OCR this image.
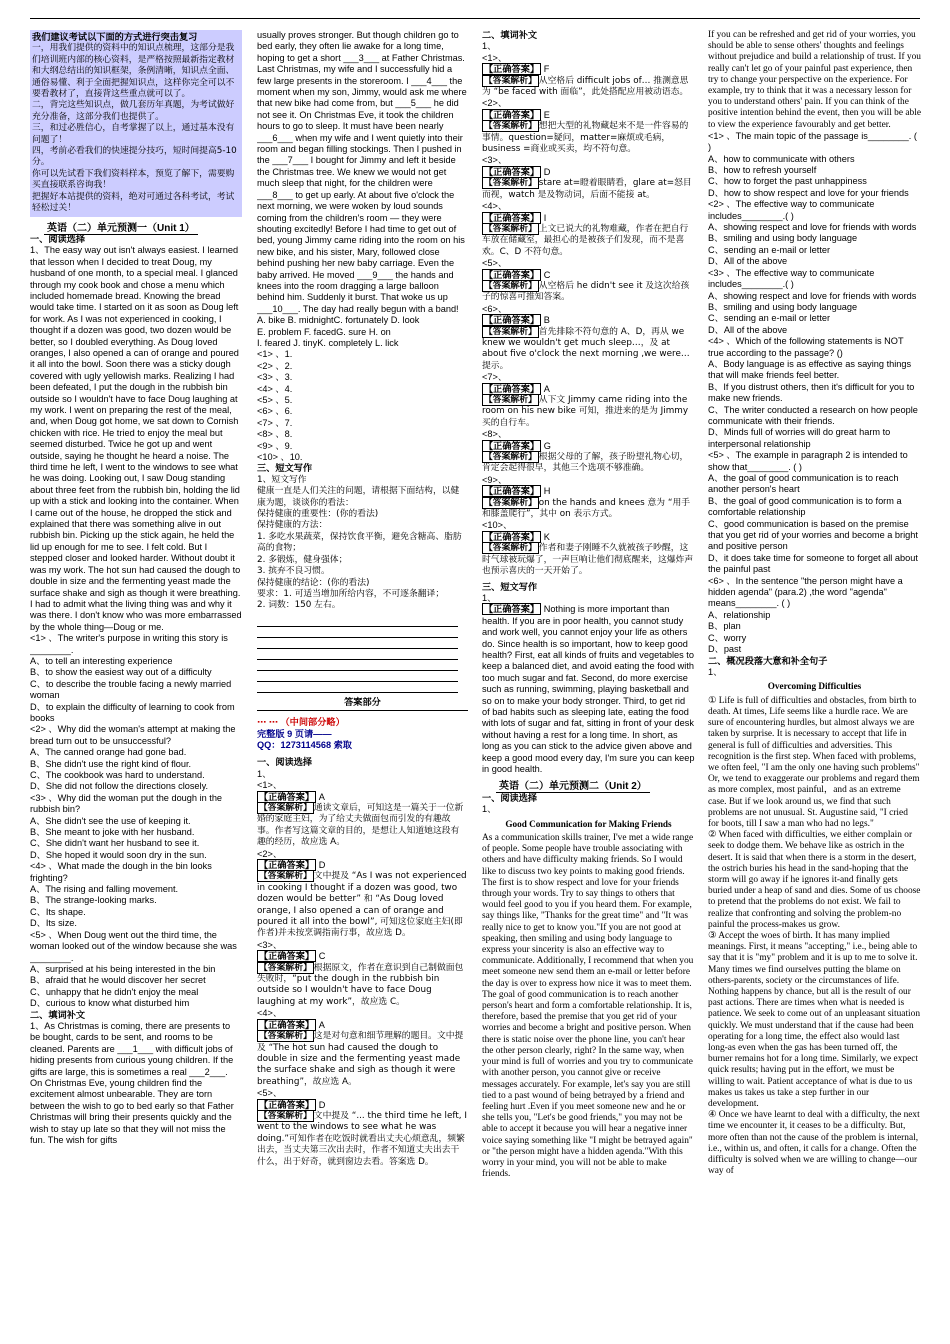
我们建议考试以下面的方式进行突击复习

一，用我们提供的资料中的知识点梳理，这部分是我们培训班内部的核心资料，是严格按照最新指定教材和大纲总结出的知识框架，条例清晰，知识点全面、通俗易懂、利于全面把握知识点，这样你完全可以不要看教材了，直接背这些重点就可以了。

二，背完这些知识点，做几套历年真题，为考试做好充分准备，这部分我们也提供了。

三，和过必胜信心，自考掌握了以上，通过基本没有问题了！

四，考前必看我们的快速提分技巧，短时间提高5-10分。

你可以先试看下我们资料样本，预览了解下，需要购买直接联系咨询我！

把握好本站提供的资料，绝对可通过各科考试，考试轻松过关！

英语（二）单元预测一（Unit 1）
一、阅读选择

1、The easy way out isn't always easiest. I learned that lesson when I decided to treat Doug, my husband of one month, to a special meal. I glanced through my cook book and chose a menu which included homemade bread. Knowing the bread would take time. I started on it as soon as Doug left for work. As I was not experienced in cooking, I thought if a dozen was good, two dozen would be better, so I doubled everything. As Doug loved oranges, I also opened a can of orange and poured it all into the bowl. Soon there was a sticky dough covered with ugly yellowish marks. Realizing I had been defeated, I put the dough in the rubbish bin outside so I wouldn't have to face Doug laughing at my work. I went on preparing the rest of the meal, and, when Doug got home, we sat down to Cornish chicken with rice. He tried to enjoy the meal but seemed disturbed. Twice he got up and went outside, saying he thought he heard a noise. The third time he left, I went to the windows to see what he was doing. Looking out, I saw Doug standing about three feet from the rubbish bin, holding the lid up with a stick and looking into the container. When I came out of the house, he dropped the stick and explained that there was something alive in out rubbish bin. Picking up the stick again, he held the lid up enough for me to see. I felt cold. But I stepped closer and looked harder. Without doubt it was my work. The hot sun had caused the dough to double in size and the fermenting yeast made the surface shake and sigh as though it were breathing. I had to admit what the living thing was and why it was there. I don't know who was more embarrassed by the whole thing—Doug or me.

<1> 、The writer's purpose in writing this story is ________.

A、to tell an interesting experience

B、to show the easiest way out of a difficulty

C、to describe the trouble facing a newly married woman

D、to explain the difficulty of learning to cook from books

<2> 、Why did the woman's attempt at making the bread turn out to be unsuccessful?

A、The canned orange had gone bad.

B、She didn't use the right kind of flour.

C、The cookbook was hard to understand.

D、She did not follow the directions closely.

<3> 、Why did the woman put the dough in the rubbish bin?

A、She didn't see the use of keeping it.

B、She meant to joke with her husband.

C、She didn't want her husband to see it.

D、She hoped it would soon dry in the sun.

<4> 、What made the dough in the bin looks frighting?

A、The rising and falling movement.

B、The strange-looking marks.

C、Its shape.

D、Its size.

<5> 、When Doug went out the third time, the woman looked out of the window because she was ________.

A、surprised at his being interested in the bin

B、afraid that he would discover her secret

C、unhappy that he didn't enjoy the meal

D、curious to know what disturbed him

二、填词补文

1、As Christmas is coming, there are presents to be bought, cards to be sent, and rooms to be cleaned. Parents are ___1___ with difficult jobs of hiding presents from curious young children. If the gifts are large, this is sometimes a real ___2___. On Christmas Eve, young children find the excitement almost unbearable. They are torn between the wish to go to bed early so that Father Christmas will bring their presents quickly and the wish to stay up late so that they will not miss the fun. The wish for gifts

usually proves stronger. But though children go to bed early, they often lie awake for a long time, hoping to get a short ___3___ at Father Christmas. Last Christmas, my wife and I successfully hid a few large presents in the storeroom. I ___4___ the moment when my son, Jimmy, would ask me where that new bike had come from, but ___5___ he did not see it. On Christmas Eve, it took the children hours to go to sleep. It must have been nearly ___6___ when my wife and I went quietly into their room and began filling stockings. Then I pushed in the ___7___ I bought for Jimmy and left it beside the Christmas tree. We knew we would not get much sleep that night, for the children were ___8___ to get up early. At about five o'clock the next morning, we were woken by loud sounds coming from the children's room — they were shouting excitedly! Before I had time to get out of bed, young Jimmy came riding into the room on his new bike, and his sister, Mary, followed close behind pushing her new baby carriage. Even the baby arrived. He moved ___9___ the hands and knees into the room dragging a large balloon behind him. Suddenly it burst. That woke us up ___10___. The day had really begun with a band!

A. bike B. midnightC. fortunately D. look

E. problem F. facedG. sure H. on

I. feared J. tinyK. completely L. lick

<1> 、1.

<2> 、2.

<3> 、3.

<4> 、4.

<5> 、5.

<6> 、6.

<7> 、7.

<8> 、8.

<9> 、9.

<10> 、10.

三、短文写作

1、短文写作

健康一直是人们关注的问题，请根据下面结构，以健康为题，谈谈你的看法：

保持健康的重要性：(你的看法)

保持健康的方法：

1. 多吃水果蔬菜，保持饮食平衡，避免含糖高、脂肪高的食物；

2. 多锻炼，健身强体；

3. 摈弃不良习惯。

保持健康的结论：(你的看法)

要求：1. 可适当增加所给内容，不可逐条翻译；

2. 词数：150 左右。

答案部分

⋯ ⋯ （中间部分略）

完整版 9 页请——

QQ：1273114568 索取

一、阅读选择

1、

<1>、

【正确答案】 A

【答案解析】 通读文章后，可知这是一篇关于一位新婚的家庭主妇，为了给丈夫做面包而引发的有趣故事。作者写这篇文章的目的，是想让人知道她这段有趣的经历，故应选 A。

<2>、

【正确答案】 D

【答案解析】 文中提及 “As I was not experienced in cooking I thought if a dozen was good, two dozen would be better” 和 “As Doug loved orange, I also opened a can of orange and poured it all into the bowl”, 可知这位家庭主妇(即作者)并未按烹调指南行事，故应选 D。

<3>、

【正确答案】 C

【答案解析】 根据原文，作者在意识到自己制做面包失败时，“put the dough in the rubbish bin outside so I wouldn't have to face Doug laughing at my work”，故应选 C。

<4>、

【正确答案】 A

【答案解析】 这是对句意和细节理解的题目。文中提及 “The hot sun had caused the dough to double in size and the fermenting yeast made the surface shake and sigh as though it were breathing”，故应选 A。

<5>、

【正确答案】 D

【答案解析】 文中提及 “... the third time he left, I went to the windows to see what he was doing.”可知作者在吃饭时就看出丈夫心烦意乱，频繁出去，当丈夫第三次出去时，作者不知道丈夫出去干什么，出于好奇，就到窗边去看。答案选 D。

二、填词补文

1、

<1>、

【正确答案】 F

【答案解析】 从空格后 difficult jobs of… 推测意思为 “be faced with 面临”，此处搭配应用被动语态。

<2>、

【正确答案】 E

【答案解析】 想把大型的礼物藏起来不是一件容易的事情。question=疑问，matter=麻烦或毛病，business =商业或买卖，均不符句意。

<3>、

【正确答案】 D

【答案解析】 stare at=瞪着眼睛看，glare at=怒目而视，watch 是及物动词，后面不能接 at。

<4>、

【正确答案】 I

【答案解析】 上文已说大的礼物难藏，作者在把自行车放在储藏室，最担心的是被孩子们发现，而不是喜欢。C、D 不符句意。

<5>、

【正确答案】 C

【答案解析】 从空格后 he didn't see it 及这次给孩子的惊喜可推知答案。

<6>、

【正确答案】 B

【答案解析】 首先排除不符句意的 A、D，再从 we knew we wouldn't get much sleep…，及 at about five o'clock the next morning ,we were… 提示。

<7>、

【正确答案】 A

【答案解析】 从下文 Jimmy came riding into the room on his new bike 可知，推进来的是为 Jimmy 买的自行车。

<8>、

【正确答案】 G

【答案解析】 根据父母的了解，孩子盼望礼物心切，肯定会起得很早，其他三个选项不够准确。

<9>、

【正确答案】 H

【答案解析】 on the hands and knees 意为 “用手和膝盖爬行”，其中 on 表示方式。

<10>、

【正确答案】 K

【答案解析】 作者和妻子刚睡不久就被孩子吵醒，这时气球被玩爆了，一声巨响让他们彻底醒来，这爆炸声也预示喜庆的一天开始了。

三、短文写作

1、

【正确答案】 Nothing is more important than health. If you are in poor health, you cannot study and work well, you cannot enjoy your life as others do. Since health is so important, how to keep good health? First, eat all kinds of fruits and vegetables to keep a balanced diet, and avoid eating the food with too much sugar and fat. Second, do more exercise such as running, swimming, playing basketball and so on to make your body stronger. Third, to get rid of bad habits such as sleeping late, eating the food with lots of sugar and fat, sitting in front of your desk without having a rest for a long time. In short, as long as you can stick to the advice given above and keep a good mood every day, I'm sure you can keep in good health.

英语（二）单元预测二（Unit 2）
一、阅读选择

1、

Good Communication for Making Friends

As a communication skills trainer, I've met a wide range of people. Some people have trouble associating with others and have difficulty making friends. So I would like to discuss two key points to making good friends. The first is to show respect and love for your friends through your words. Try to say things to others that would feel good to you if you heard them. For example, say things like, "Thanks for the great time" and "It was really nice to get to know you."If you are not good at speaking, then smiling and using body language to express your sincerity is also an effective way to communicate. Additionally, I recommend that when you meet someone new send them an e-mail or letter before the day is over to express how nice it was to meet them. The goal of good communication is to reach another person's heart and form a comfortable relationship. It is, therefore, based the premise that you get rid of your worries and become a bright and positive person. When there is static noise over the phone line, you can't hear the other person clearly, right? In the same way, when your mind is full of worries and you try to communicate with another person, you cannot give or receive messages accurately. For example, let's say you are still tied to a past wound of being betrayed by a friend and feeling hurt .Even if you meet someone new and he or she tells you, "Let's be good friends," you may not be able to accept it because you will hear a negative inner voice saying something like "I might be betrayed again" or "the person might have a hidden agenda."With this worry in your mind, you will not be able to make friends.

If you can be refreshed and get rid of your worries, you should be able to sense others' thoughts and feelings without prejudice and build a relationship of trust. If you really can't let go of your painful past experience, then try to change your perspective on the experience. For example, try to think that it was a necessary lesson for you to understand others' pain. If you can think of the positive intention behind the event, then you will be able to view the experience favourably and get better.

<1> 、The main topic of the passage is________. ( )

A、how to communicate with others

B、how to refresh yourself

C、how to forget the past unhappiness

D、how to show respect and love for your friends

<2> 、The effective way to communicate includes________.( )

A、showing respect and love for friends with words

B、smiling and using body language

C、sending an e-mail or letter

D、All of the above

<3> 、The effective way to communicate includes________.( )

A、showing respect and love for friends with words

B、smiling and using body language

C、sending an e-mail or letter

D、All of the above

<4> 、Which of the following statements is NOT true according to the passage? ()

A、Body language is as effective as saying things that will make friends feel better.

B、If you distrust others, then it's difficult for you to make new friends.

C、The writer conducted a research on how people communicate with their friends.

D、Minds full of worries will do great harm to interpersonal relationship

<5> 、The example in paragraph 2 is intended to show that________. ( )

A、the goal of good communication is to reach another person's heart

B、the goal of good communication is to form a comfortable relationship

C、good communication is based on the premise that you get rid of your worries and become a bright and positive person

D、it does take time for someone to forget all about the painful past

<6> 、In the sentence "the person might have a hidden agenda" (para.2) ,the word "agenda" means________. ( )

A、relationship

B、plan

C、worry

D、past

二、概况段落大意和补全句子

1、

Overcoming Difficulties

① Life is full of difficulties and obstacles, from birth to death. At times, Life seems like a hurdle race. We are sure of encountering hurdles, but almost always we are taken by surprise. It is necessary to accept that life in general is full of difficulties and adversities. This recognition is the first step. When faced with problems, we often feel, "I am the only one having such problems" Or, we tend to exaggerate our problems and regard them as more complex, most painful，and as an extreme case. But if we look around us, we find that such problems are not unusual. St. Augustine said, "I cried for boots, till I saw a man who had no legs."

② When faced with difficulties, we either complain or seek to dodge them. We behave like as ostrich in the desert. It is said that when there is a storm in the desert, the ostrich buries his head in the sand-hoping that the storm will go away if he ignores it-and finally gets buried under a heap of sand and dies. Some of us choose to pretend that the problems do not exist. We fail to realize that confronting and solving the problem-no painful the process-makes us grow.

③ Accept the woes of birth. It has many implied meanings. First, it means "accepting," i.e., being able to say that it is "my" problem and it is up to me to solve it. Many times we find ourselves putting the blame on others-parents, society or the circumstances of life. Nothing happens by chance, but all is the result of our past actions. There are times when what is needed is patience. We seek to come out of an unpleasant situation quickly. We must understand that if the cause had been operating for a long time, the effect also would last long-as even when the gas has been turned off, the burner remains hot for a long time. Similarly, we expect quick results; having put in the effort, we must be willing to wait. Patient acceptance of what is due to us makes us takes us take a step further in our development.

④ Once we have learnt to deal with a difficulty, the next time we encounter it, it ceases to be a difficulty. But, more often than not the cause of the problem is internal, i.e., within us, and often, it calls for a change. Often the difficulty is solved when we are willing to change—our way of
